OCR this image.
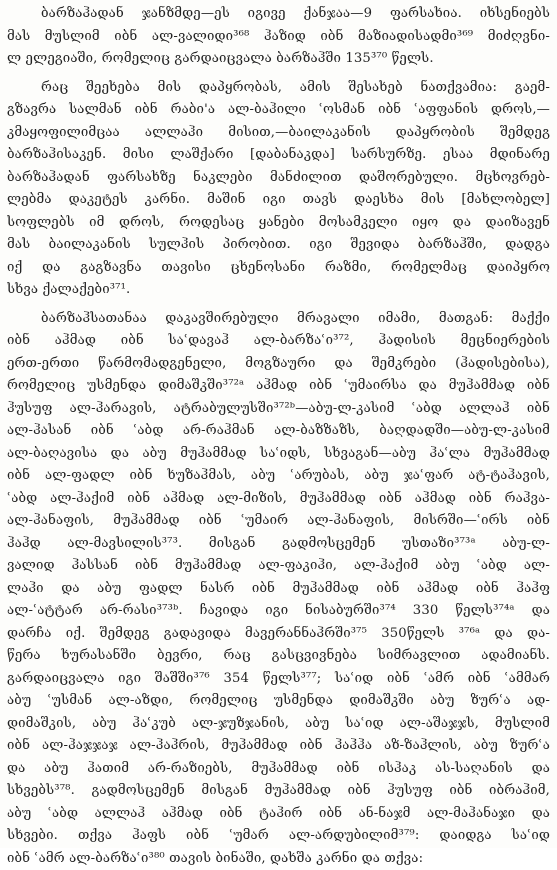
ბარზაჰადან ჯანზმდე—ეს იგივე ქანჯაა—9 ფარსახია. იხსენიებს
მას მუსლიმ იბნ ალ-ვალიდი³⁶⁸ ჰაზიდ იბნ მაზიადისადმი³⁶⁹ მიძღვნი-
ლ ელეგიაში, რომელიც გარდაიცვალა ბარზაჰში 135³⁷⁰ წელს.
რაც შეეხება მის დაპყრობას, ამის შესახებ ნათქვამია: გაემ-
გზავრა სალმან იბნ რაბი'ა ალ-ბაჰილი ʿოსმან იბნ ʿაფფანის დროს,—
კმაყოფილიმცაა ალლაჰი მისით,—ბაილაკანის დაპყრობის შემდეგ
ბარზაჰისაკენ. მისი ლაშქარი [დაბანაკდა] სარსურზე. ესაა მდინარე
ბარზაჰადან ფარსახზე ნაკლები მანძილით დაშორებული. მცხოვრებ-
ლებმა დაკეტეს კარნი. მაშინ იგი თავს დაესხა მის [მახლობელ]
სოფლებს იმ დროს, როდესაც ყანები მოსამკელი იყო და დაიზავენ
მას ბაილაკანის სულჰის პირობით. იგი შევიდა ბარზაჰში, დადგა
იქ და გაგზავნა თავისი ცხენოსანი რაზმი, რომელმაც დაიპყრო
სხვა ქალაქები³⁷¹.
ბარზაჰსათანაა დაკავშირებული მრავალი იმამი, მათგან: მაქქი
იბნ აჰმად იბნ საʿდავაჰ ალ-ბარზაʿი³⁷², ჰადისის მეცნიერების
ერთ-ერთი წარმომადგენელი, მოგზაური და შემკრები (ჰადისებისა),
რომელიც უსმენდა დიმაშკში³⁷²ᵃ აჰმად იბნ ʿუმაირსა და მუჰამმად იბნ
ჰუსუფ ალ-ჰარავის, ატრაბულუსში³⁷²ᵇ—აბუ-ლ-კასიმ ʿაბდ ალლაჰ იბნ
ალ-ჰასან იბნ ʿაბდ არ-რაჰმან ალ-ბაზზაზს, ბაღდადში—აბუ-ლ-კასიმ
ალ-ბაღავისა და აბუ მუჰამმად საʿიდს, სხვაგან—აბუ ჰაʿლა მუჰამმად
იბნ ალ-ფადლ იბნ ხუზაჰმას, აბუ ʿარუბას, აბუ ჯაʿფარ ატ-ტაჰავის,
ʿაბდ ალ-ჰაქიმ იბნ აჰმად ალ-მიზის, მუჰამმად იბნ აჰმად იბნ რაჰვა-
ალ-ჰანაფის, მუჰამმად იბნ ʿუმაირ ალ-ჰანაფის, მისრში—ʿირს იბნ
ჰაჰდ ალ-მავსილის³⁷³. მისგან გადმოსცემენ უსთაზი³⁷³ᵃ აბუ-ლ-
ვალიდ ჰასსან იბნ მუჰამმად ალ-ფაკიჰი, ალ-ჰაქიმ აბუ ʿაბდ ალ-
ლაჰი და აბუ ფადლ ნასრ იბნ მუჰამმად იბნ აჰმად იბნ ჰაჰფ
ალ-ʿატტარ არ-რასი³⁷³ᵇ. ჩავიდა იგი ნისაბურში³⁷⁴ 330 წელს³⁷⁴ᵃ და
დარჩა იქ. შემდეგ გადავიდა მავერანნაჰრში³⁷⁵ 350წელს ³⁷⁶ᵃ და და-
წერა ხურასანში ბევრი, რაც გასცვივნება სიმრავლით ადამიანს.
გარდაიცვალა იგი შაშში³⁷⁶ 354 წელს³⁷⁷; საʿიდ იბნ ʿამრ იბნ ʿამმარ
აბუ ʿუსმან ალ-აზდი, რომელიც უსმენდა დიმაშკში აბუ ზურʿა ად-
დიმაშკის, აბუ ჰაʿკუბ ალ-ჯუზჯანის, აბუ საʿიდ ალ-აშაჯჯს, მუსლიმ
იბნ ალ-ჰაჯჯაჯ ალ-ჰაჰრის, მუჰამმად იბნ ჰაჰჰა აზ-ზაჰლის, აბუ ზურʿა
და აბუ ჰათიმ არ-რაზიებს, მუჰამმად იბნ ისჰაკ ას-საღანის და
სხვებს³⁷⁸. გადმოსცემენ მისგან მუჰამმად იბნ ჰუსუფ იბნ იბრაჰიმ,
აბუ ʿაბდ ალლაჰ აჰმად იბნ ტაჰირ იბნ ან-ნაჯმ ალ-მაჰანაჯი და
სხვები. თქვა ჰაფს იბნ ʿუმარ ალ-არდუბილიმ³⁷⁹: დაიდგა საʿიდ
იბნ ʿამრ ალ-ბარზაʿი³⁸⁰ თავის ბინაში, დახშა კარნი და თქვა:
